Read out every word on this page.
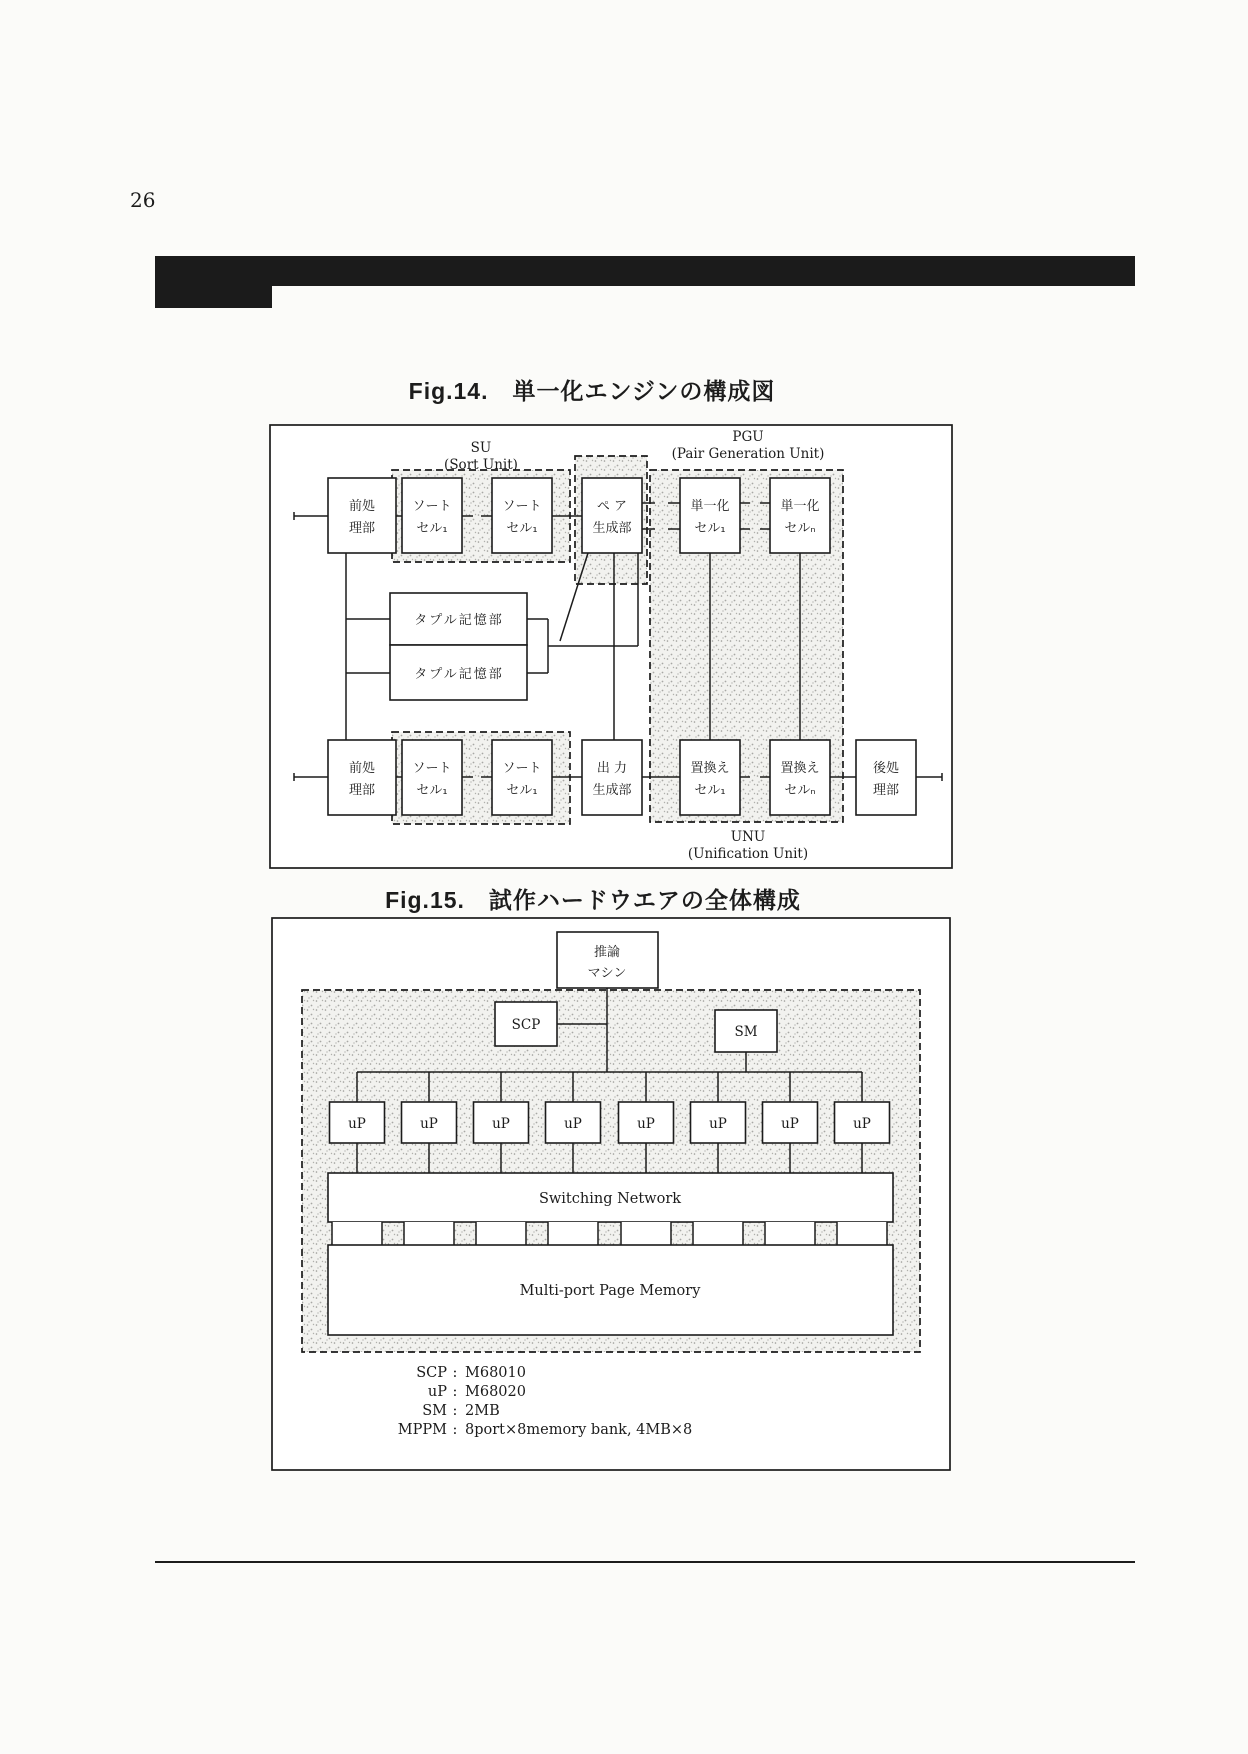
26
Fig.14.　単一化エンジンの構成図
SU
(Sort Unit)
PGU
(Pair Generation Unit)
UNU
(Unification Unit)
前処
理部
ソート
セル₁
ソート
セル₁
ペ ア
生成部
単一化
セル₁
単一化
セルₙ
タプル記憶部
タプル記憶部
前処
理部
ソート
セル₁
ソート
セル₁
出 力
生成部
置換え
セル₁
置換え
セルₙ
後処
理部
Fig.15.　試作ハードウエアの全体構成
推論
マシン
SCP	SM
uP	uP	uP	uP	uP	uP	uP	uP
Switching Network
Multi-port Page Memory
SCP : M68010
uP : M68020
SM : 2MB
MPPM : 8port×8memory bank, 4MB×8
